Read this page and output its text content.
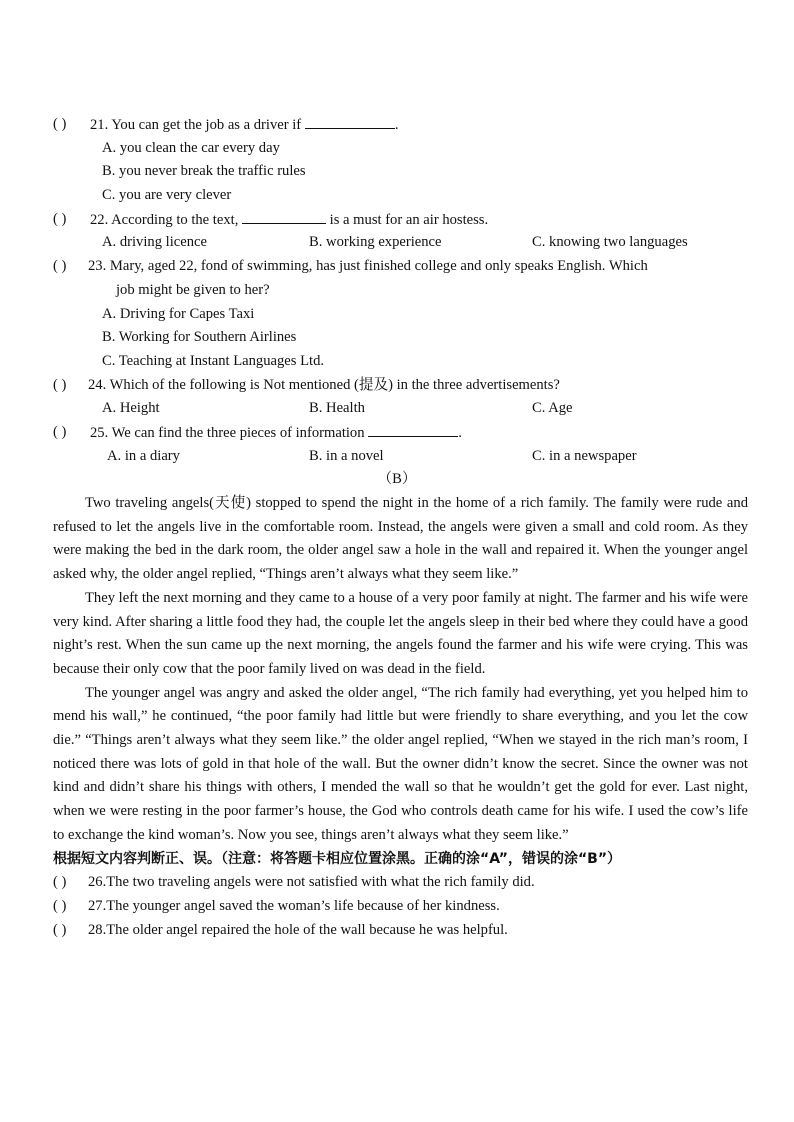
( ) 21. You can get the job as a driver if	.
A. you clean the car every day
B. you never break the traffic rules
C. you are very clever
( ) 22. According to the text,	is a must for an air hostess.
A. driving licence	B. working experience	C. knowing two languages
( ) 23. Mary, aged 22, fond of swimming, has just finished college and only speaks English. Which
job might be given to her?
A. Driving for Capes Taxi
B. Working for Southern Airlines
C. Teaching at Instant Languages Ltd.
( ) 24. Which of the following is Not mentioned (提及) in the three advertisements?
A. Height	B. Health	C. Age
( ) 25. We can find the three pieces of information	.
A. in a diary	B. in a novel	C. in a newspaper
（B）

Two traveling angels(天使) stopped to spend the night in the home of a rich family. The family were rude and refused to let the angels live in the comfortable room. Instead, the angels were given a small and cold room. As they were making the bed in the dark room, the older angel saw a hole in the wall and repaired it. When the younger angel asked why, the older angel replied, “Things aren’t always what they seem like.”

They left the next morning and they came to a house of a very poor family at night. The farmer and his wife were very kind. After sharing a little food they had, the couple let the angels sleep in their bed where they could have a good night’s rest. When the sun came up the next morning, the angels found the farmer and his wife were crying. This was because their only cow that the poor family lived on was dead in the field.

The younger angel was angry and asked the older angel, “The rich family had everything, yet you helped him to mend his wall,” he continued, “the poor family had little but were friendly to share everything, and you let the cow die.” “Things aren’t always what they seem like.” the older angel replied, “When we stayed in the rich man’s room, I noticed there was lots of gold in that hole of the wall. But the owner didn’t know the secret. Since the owner was not kind and didn’t share his things with others, I mended the wall so that he wouldn’t get the gold for ever. Last night, when we were resting in the poor farmer’s house, the God who controls death came for his wife. I used the cow’s life to exchange the kind woman’s. Now you see, things aren’t always what they seem like.”

根据短文内容判断正、误。（注意：将答题卡相应位置涂黑。正确的涂“A”，错误的涂“B”）
( ) 26.The two traveling angels were not satisfied with what the rich family did.
( ) 27.The younger angel saved the woman’s life because of her kindness.
( ) 28.The older angel repaired the hole of the wall because he was helpful.
